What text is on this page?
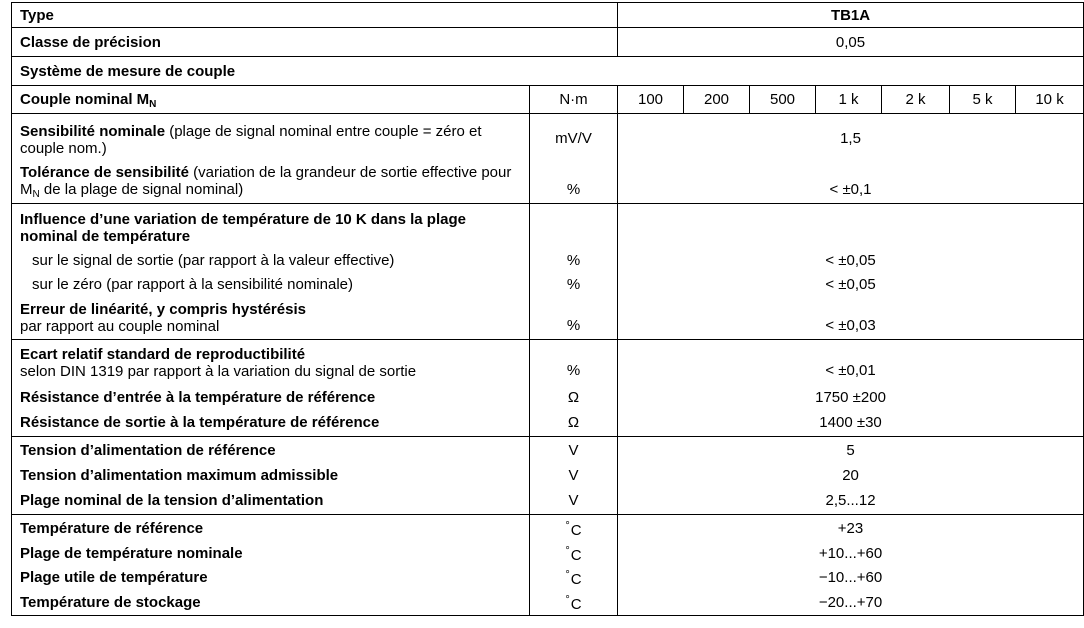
Type		TB1A						
Classe de précision		0,05						
Système de mesure de couple								
Couple nominal $M_N$	N·m	100	200	500	1 k	2 k	5 k	10 k
Sensibilité nominale (plage de signal nominal entre couple = zéro et couple nom.)	mV/V	1,5						
Tolérance de sensibilité (variation de la grandeur de sortie effective pour $M_N$ de la plage de signal nominal)	%	< ±0,1						
Influence d’une variation de température de 10 K dans la plage nominal de température								
sur le signal de sortie (par rapport à la valeur effective)	%	< ±0,05						
sur le zéro (par rapport à la sensibilité nominale)	%	< ±0,05						

Erreur de linéarité, y compris hystérésis
par rapport au couple nominal	%	< ±0,03						

Ecart relatif standard de reproductibilité
selon DIN 1319 par rapport à la variation du signal de sortie	%	< ±0,01						
Résistance d’entrée à la température de référence	Ω	1750 ±200						
Résistance de sortie à la température de référence	Ω	1400 ±30						
Tension d’alimentation de référence	V	5						
Tension d’alimentation maximum admissible	V	20						
Plage nominal de la tension d’alimentation	V	2,5...12						
Température de référence	°C	+23						
Plage de température nominale	°C	+10...+60						
Plage utile de température	°C	−10...+60						
Température de stockage	°C	−20...+70						
